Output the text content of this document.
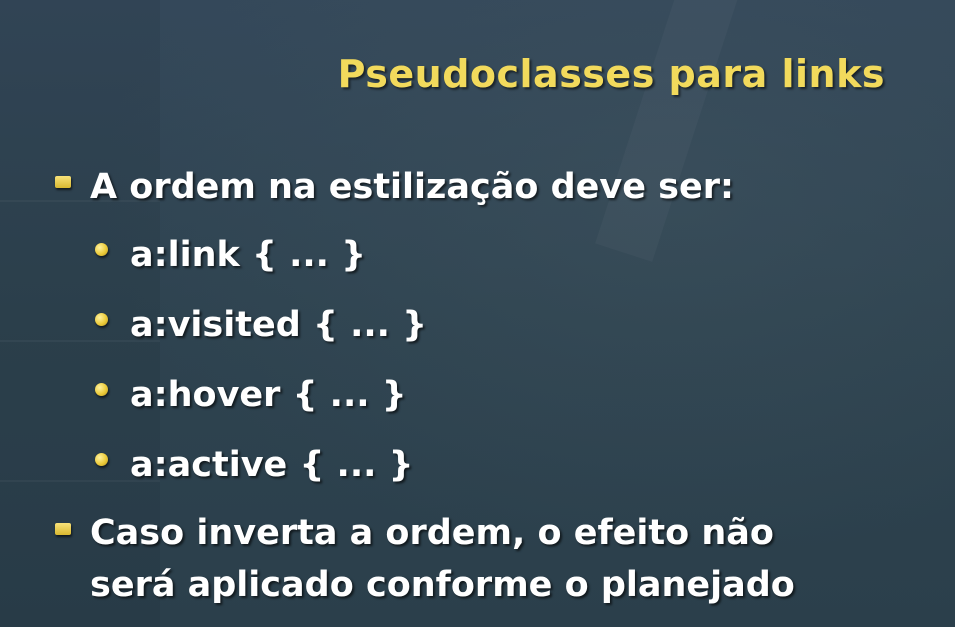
Pseudoclasses para links
A ordem na estilização deve ser:
a:link { ... }
a:visited { ... }
a:hover { ... }
a:active { ... }
Caso inverta a ordem, o efeito não
será aplicado conforme o planejado
